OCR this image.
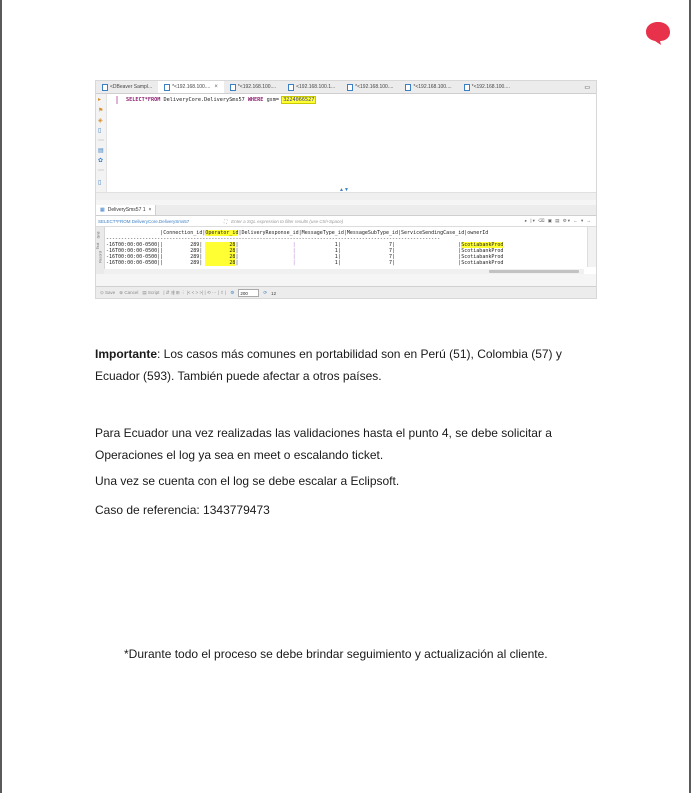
<DBeaver Sampl...	*<192.168.100.... ×	*<192.168.100....	<192.168.100.1...	*<192.168.100....	*<192.168.100....	*<192.168.100....	▭
▸
⚑
◈
▯
⋯
▤
✿
⋯
▯
SELECT*FROM DeliveryCore.DeliverySms57 WHERE gsm= 3224066527
▲▼
▦ DeliverySms57 1 ×
SELECT*FROM DeliveryCore.DeliverySms57	⛶ Enter a SQL expression to filter results (use Ctrl+Space)	▸ |▾ ⌫ ▣ ▤ ⚙▾ ← ▾ →
Grid
Text
Record
|Connection_id|Operator_id|DeliveryResponse_id|MessageType_id|MessageSubType_id|ServiceSendingCase_id|ownerId
---------------------------------------------------------------------------------------------------------------
-16T00:00:00-0500||         289|         28|                  |             1|                7|                     |ScotiabankProd
-16T00:00:00-0500||         289|         28|                  |             1|                7|                     |ScotiabankProd
-16T00:00:00-0500||         289|         28|                  |             1|                7|                     |ScotiabankProd
-16T00:00:00-0500||         289|         28|                  |             1|                7|                     |ScotiabankProd
⊙ Save ⊗ Cancel ▤ Script | ⇵ ⇶ ⊞ ⋮ |< < > >| | ⟲ ⋯ | ⇧ | ⚙	200	⟳ 12
Importante: Los casos más comunes en portabilidad son en Perú (51), Colombia (57) y Ecuador (593). También puede afectar a otros países.
Para Ecuador una vez realizadas las validaciones hasta el punto 4, se debe solicitar a Operaciones el log ya sea en meet o escalando ticket.
Una vez se cuenta con el log se debe escalar a Eclipsoft.
Caso de referencia: 1343779473
*Durante todo el proceso se debe brindar seguimiento y actualización al cliente.
